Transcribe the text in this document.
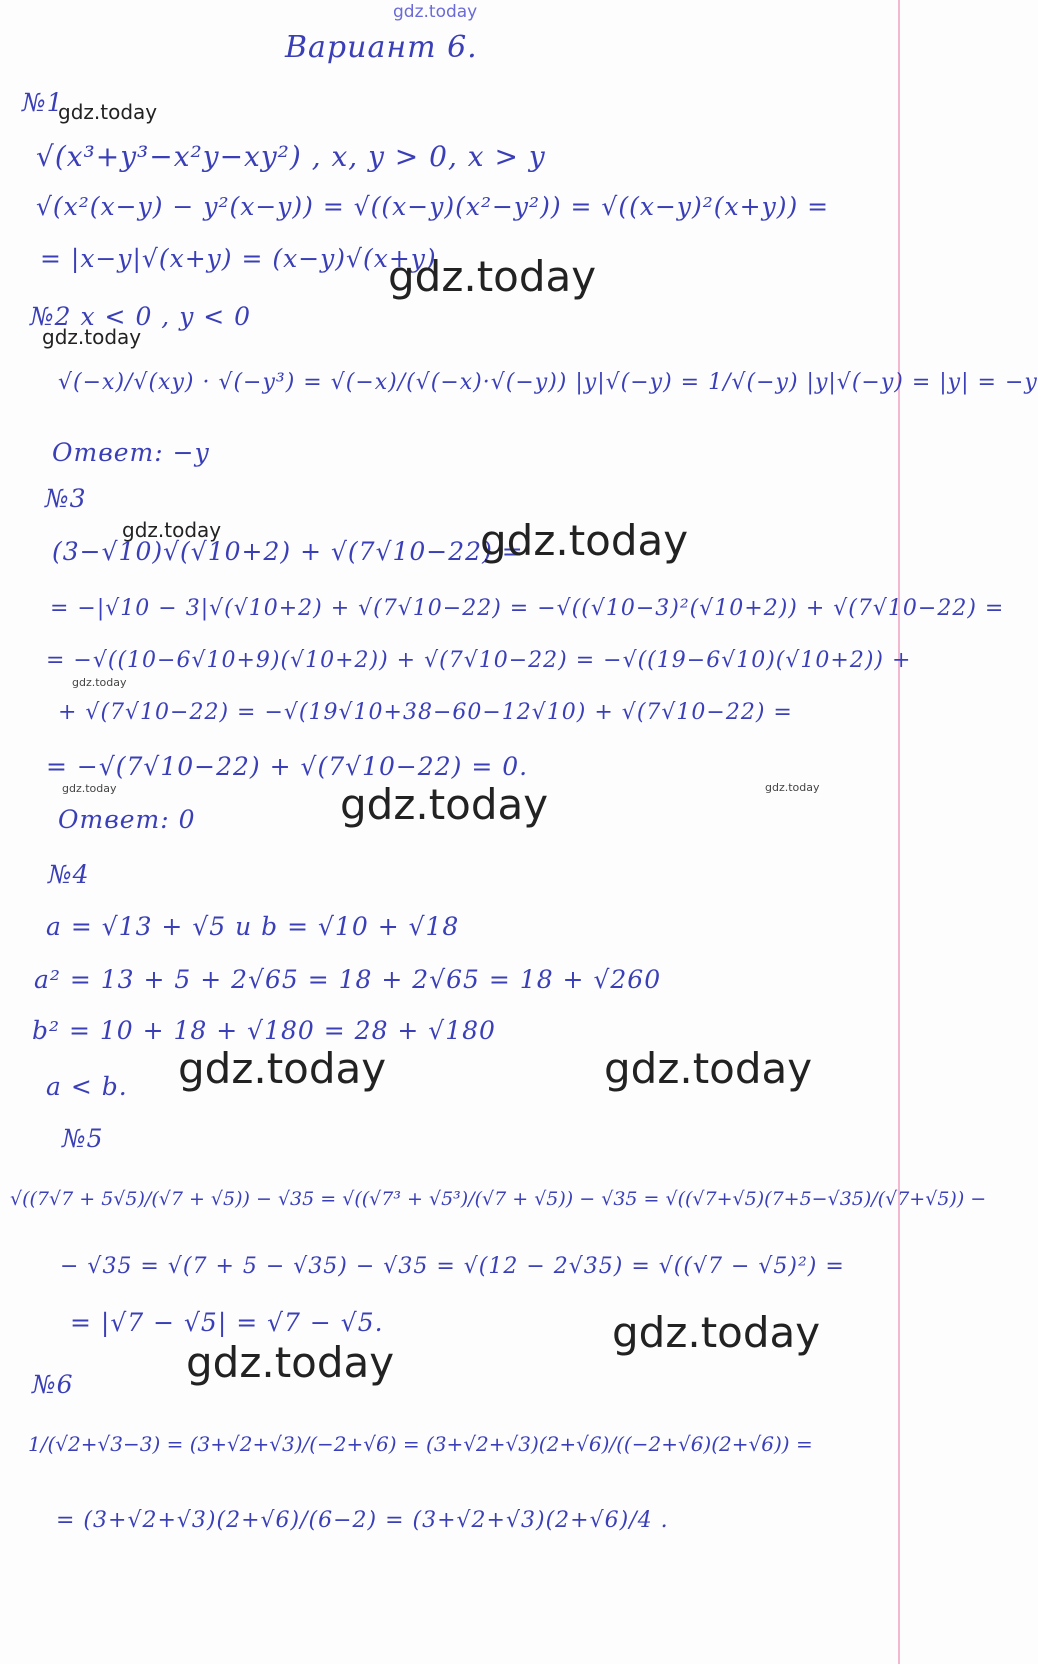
gdz.today
Вариант 6.
№1
gdz.today
√(x³+y³−x²y−xy²) , x, y > 0, x > y
√(x²(x−y) − y²(x−y)) = √((x−y)(x²−y²)) = √((x−y)²(x+y)) =
= |x−y|√(x+y) = (x−y)√(x+y)
gdz.today
№2 x < 0 , y < 0
gdz.today
√(−x)/√(xy) · √(−y³) = √(−x)/(√(−x)·√(−y)) |y|√(−y) = 1/√(−y) |y|√(−y) = |y| = −y
Ответ: −y
№3
gdz.today
(3−√10)√(√10+2) + √(7√10−22) =
gdz.today
= −|√10 − 3|√(√10+2) + √(7√10−22) = −√((√10−3)²(√10+2)) + √(7√10−22) =
= −√((10−6√10+9)(√10+2)) + √(7√10−22) = −√((19−6√10)(√10+2)) +
gdz.today
+ √(7√10−22) = −√(19√10+38−60−12√10) + √(7√10−22) =
= −√(7√10−22) + √(7√10−22) = 0.
gdz.today	gdz.today
gdz.today
Ответ: 0
№4
a = √13 + √5 и b = √10 + √18
a² = 13 + 5 + 2√65 = 18 + 2√65 = 18 + √260
b² = 10 + 18 + √180 = 28 + √180
a < b. gdz.today	gdz.today
№5
√((7√7 + 5√5)/(√7 + √5)) − √35 = √((√7³ + √5³)/(√7 + √5)) − √35 = √((√7+√5)(7+5−√35)/(√7+√5)) −
− √35 = √(7 + 5 − √35) − √35 = √(12 − 2√35) = √((√7 − √5)²) =
= |√7 − √5| = √7 − √5.	gdz.today
gdz.today
№6
1/(√2+√3−3) = (3+√2+√3)/(−2+√6) = (3+√2+√3)(2+√6)/((−2+√6)(2+√6)) =
= (3+√2+√3)(2+√6)/(6−2) = (3+√2+√3)(2+√6)/4 .
